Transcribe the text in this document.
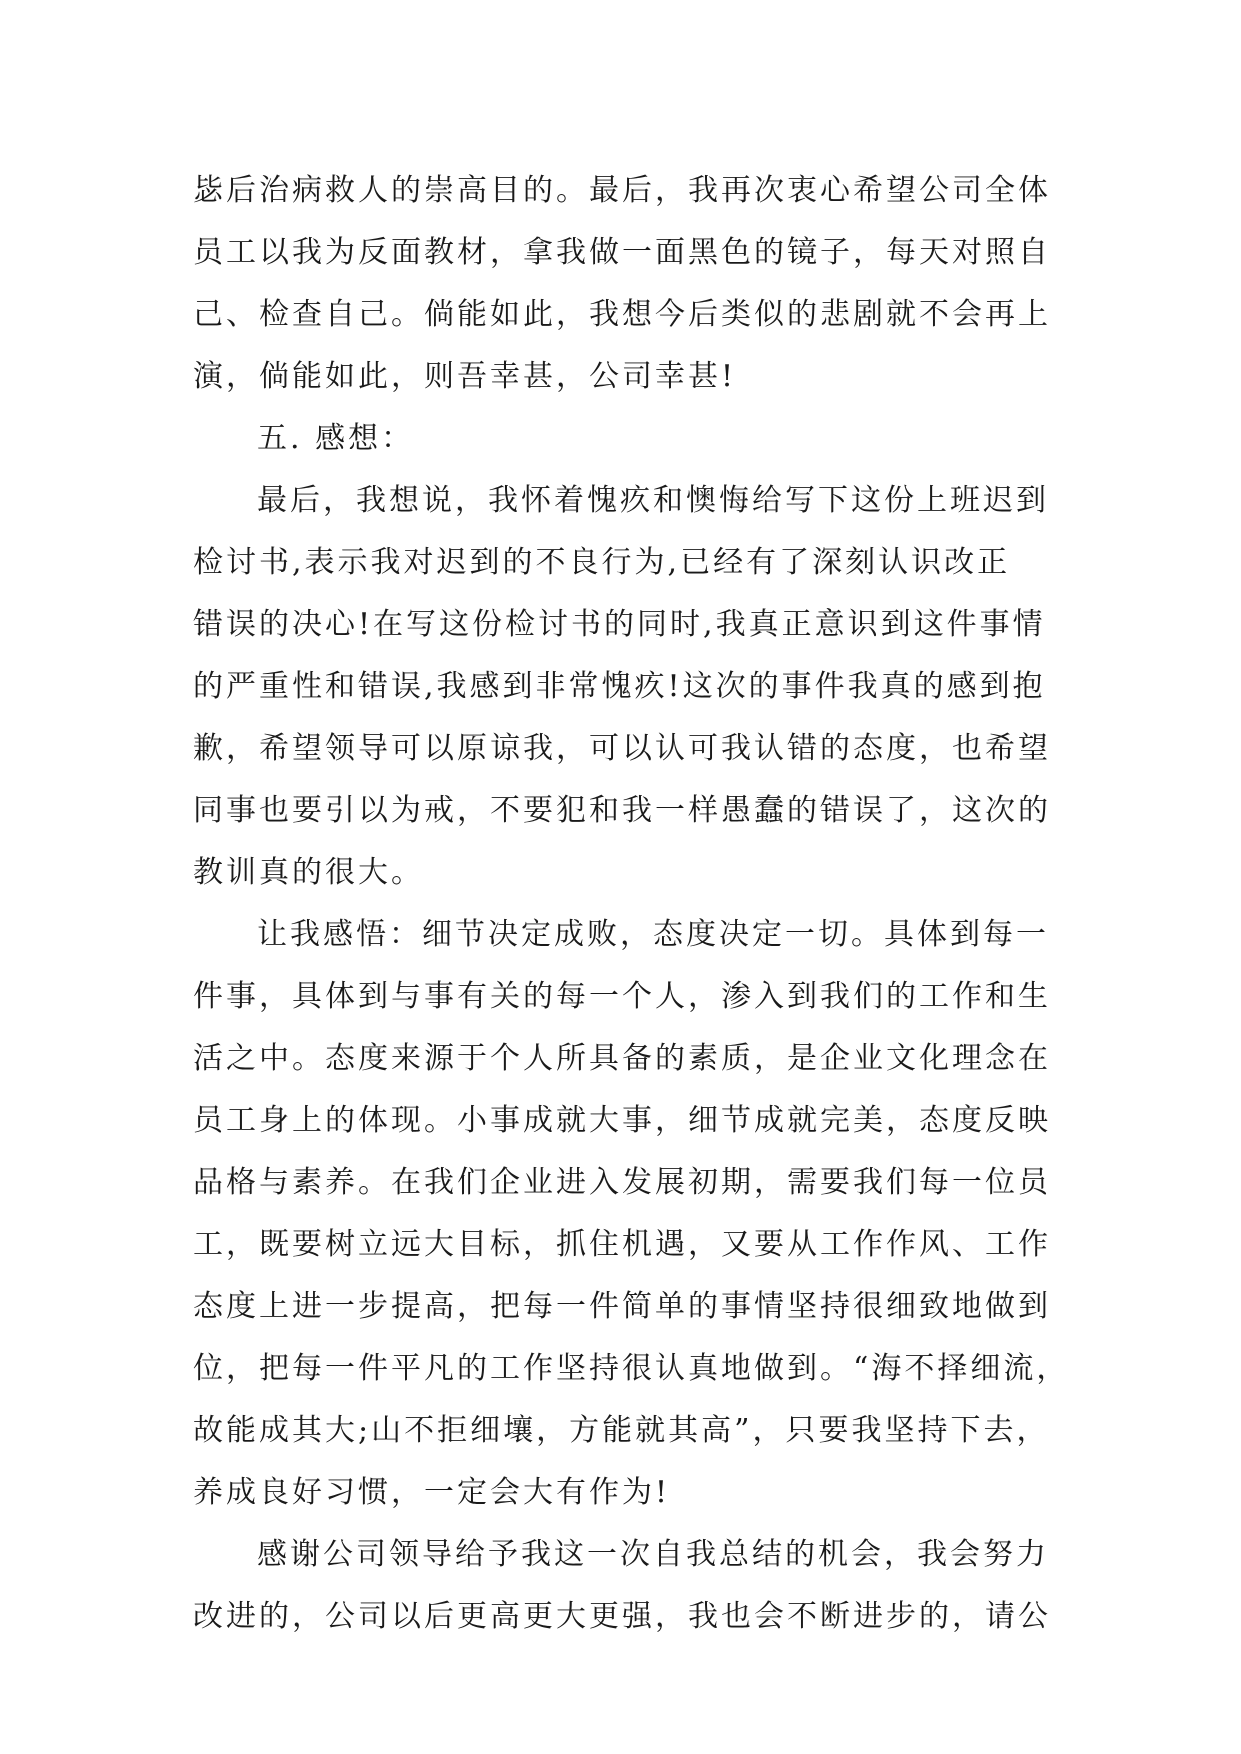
毖后治病救人的崇高目的。最后，我再次衷心希望公司全体
员工以我为反面教材，拿我做一面黑色的镜子，每天对照自
己、检查自己。倘能如此，我想今后类似的悲剧就不会再上
演，倘能如此，则吾幸甚，公司幸甚!
五. 感想：
最后，我想说，我怀着愧疚和懊悔给写下这份上班迟到
检讨书,表示我对迟到的不良行为,已经有了深刻认识改正
错误的决心!在写这份检讨书的同时,我真正意识到这件事情
的严重性和错误,我感到非常愧疚!这次的事件我真的感到抱
歉，希望领导可以原谅我，可以认可我认错的态度，也希望
同事也要引以为戒，不要犯和我一样愚蠢的错误了，这次的
教训真的很大。
让我感悟：细节决定成败，态度决定一切。具体到每一
件事，具体到与事有关的每一个人，渗入到我们的工作和生
活之中。态度来源于个人所具备的素质，是企业文化理念在
员工身上的体现。小事成就大事，细节成就完美，态度反映
品格与素养。在我们企业进入发展初期，需要我们每一位员
工，既要树立远大目标，抓住机遇，又要从工作作风、工作
态度上进一步提高，把每一件简单的事情坚持很细致地做到
位，把每一件平凡的工作坚持很认真地做到。“海不择细流，
故能成其大;山不拒细壤，方能就其高”，只要我坚持下去，
养成良好习惯，一定会大有作为!
感谢公司领导给予我这一次自我总结的机会，我会努力
改进的，公司以后更高更大更强，我也会不断进步的，请公
